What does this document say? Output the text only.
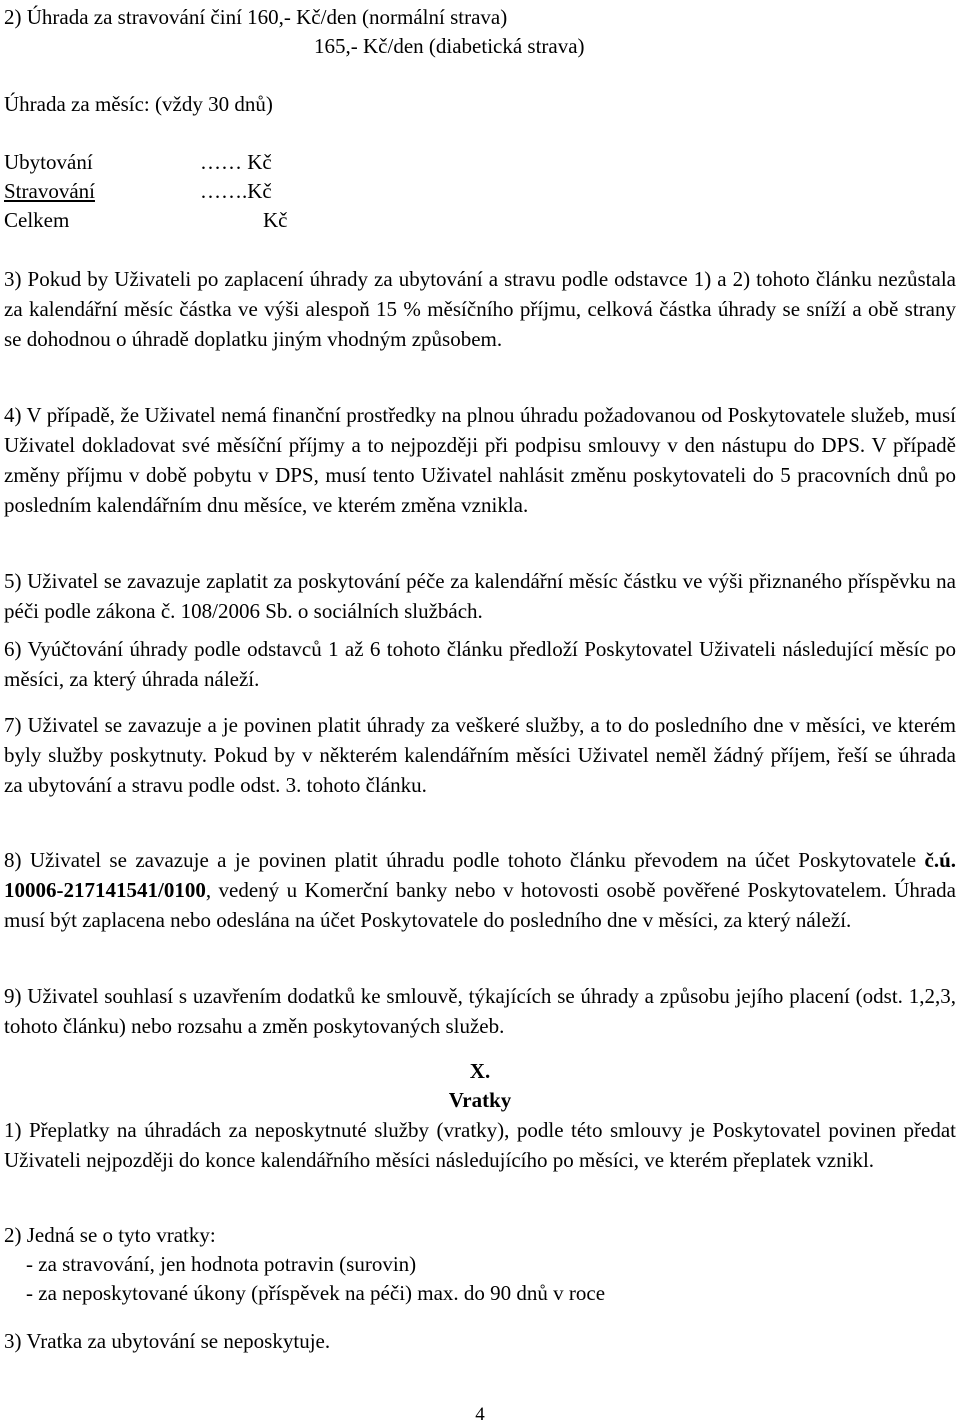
2) Úhrada za stravování činí 160,- Kč/den (normální strava)
165,- Kč/den (diabetická strava)
Úhrada za měsíc: (vždy 30 dnů)
Ubytování	…… Kč
Stravování	…….Kč
Celkem	Kč
3) Pokud by Uživateli po zaplacení úhrady za ubytování a stravu podle odstavce 1) a 2) tohoto článku nezůstala za kalendářní měsíc částka ve výši alespoň 15 % měsíčního příjmu, celková částka úhrady se sníží a obě strany se dohodnou o úhradě doplatku jiným vhodným způsobem.
4) V případě, že Uživatel nemá finanční prostředky na plnou úhradu požadovanou od Poskytovatele služeb, musí Uživatel dokladovat své měsíční příjmy a to nejpozději při podpisu smlouvy v den nástupu do DPS. V případě změny příjmu v době pobytu v DPS, musí tento Uživatel nahlásit změnu poskytovateli do 5 pracovních dnů po posledním kalendářním dnu měsíce, ve kterém změna vznikla.
5) Uživatel se zavazuje zaplatit za poskytování péče za kalendářní měsíc částku ve výši přiznaného příspěvku na péči podle zákona č. 108/2006 Sb. o sociálních službách.
6) Vyúčtování úhrady podle odstavců 1 až 6 tohoto článku předloží Poskytovatel Uživateli následující měsíc po měsíci, za který úhrada náleží.
7) Uživatel se zavazuje a je povinen platit úhrady za veškeré služby, a to do posledního dne v měsíci, ve kterém byly služby poskytnuty. Pokud by v některém kalendářním měsíci Uživatel neměl žádný příjem, řeší se úhrada za ubytování a stravu podle odst. 3. tohoto článku.
8) Uživatel se zavazuje a je povinen platit úhradu podle tohoto článku převodem na účet Poskytovatele č.ú. 10006-217141541/0100, vedený u Komerční banky nebo v hotovosti osobě pověřené Poskytovatelem. Úhrada musí být zaplacena nebo odeslána na účet Poskytovatele do posledního dne v měsíci, za který náleží.
9) Uživatel souhlasí s uzavřením dodatků ke smlouvě, týkajících se úhrady a způsobu jejího placení (odst. 1,2,3, tohoto článku) nebo rozsahu a změn poskytovaných služeb.
X.
Vratky
1) Přeplatky na úhradách za neposkytnuté služby (vratky), podle této smlouvy je Poskytovatel povinen předat Uživateli nejpozději do konce kalendářního měsíci následujícího po měsíci, ve kterém přeplatek vznikl.
2) Jedná se o tyto vratky:
- za stravování, jen hodnota potravin (surovin)
- za neposkytované úkony (příspěvek na péči) max. do 90 dnů v roce
3) Vratka za ubytování se neposkytuje.
4
